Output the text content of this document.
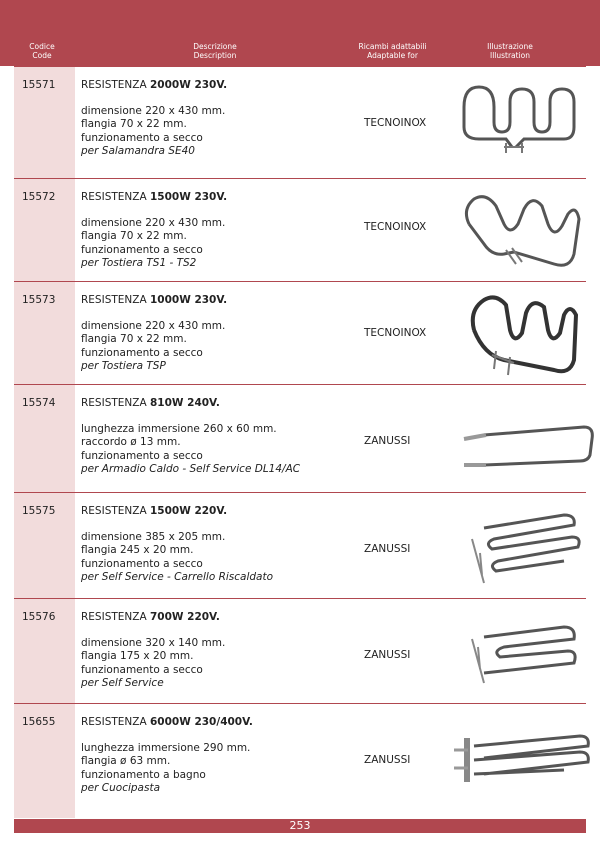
Codice
Code
Descrizione
Description
Ricambi adattabili
Adaptable for
Illustrazione
Illustration
15571 RESISTENZA 2000W 230V.
dimensione 220 x 430 mm.
flangia 70 x 22 mm.
funzionamento a secco
per Salamandra SE40
TECNOINOX
15572 RESISTENZA 1500W 230V.
dimensione 220 x 430 mm.
flangia 70 x 22 mm.
funzionamento a secco
per Tostiera TS1 - TS2
TECNOINOX
15573 RESISTENZA 1000W 230V.
dimensione 220 x 430 mm.
flangia 70 x 22 mm.
funzionamento a secco
per Tostiera TSP
TECNOINOX
15574 RESISTENZA 810W 240V.
lunghezza immersione 260 x 60 mm.
raccordo ø 13 mm.
funzionamento a secco
per Armadio Caldo - Self Service DL14/AC
ZANUSSI
15575 RESISTENZA 1500W 220V.
dimensione 385 x 205 mm.
flangia 245 x 20 mm.
funzionamento a secco
per Self Service - Carrello Riscaldato
ZANUSSI
15576 RESISTENZA 700W 220V.
dimensione 320 x 140 mm.
flangia 175 x 20 mm.
funzionamento a secco
per Self Service
ZANUSSI
15655 RESISTENZA 6000W 230/400V.
lunghezza immersione 290 mm.
flangia ø 63 mm.
funzionamento a bagno
per Cuocipasta
ZANUSSI
253
